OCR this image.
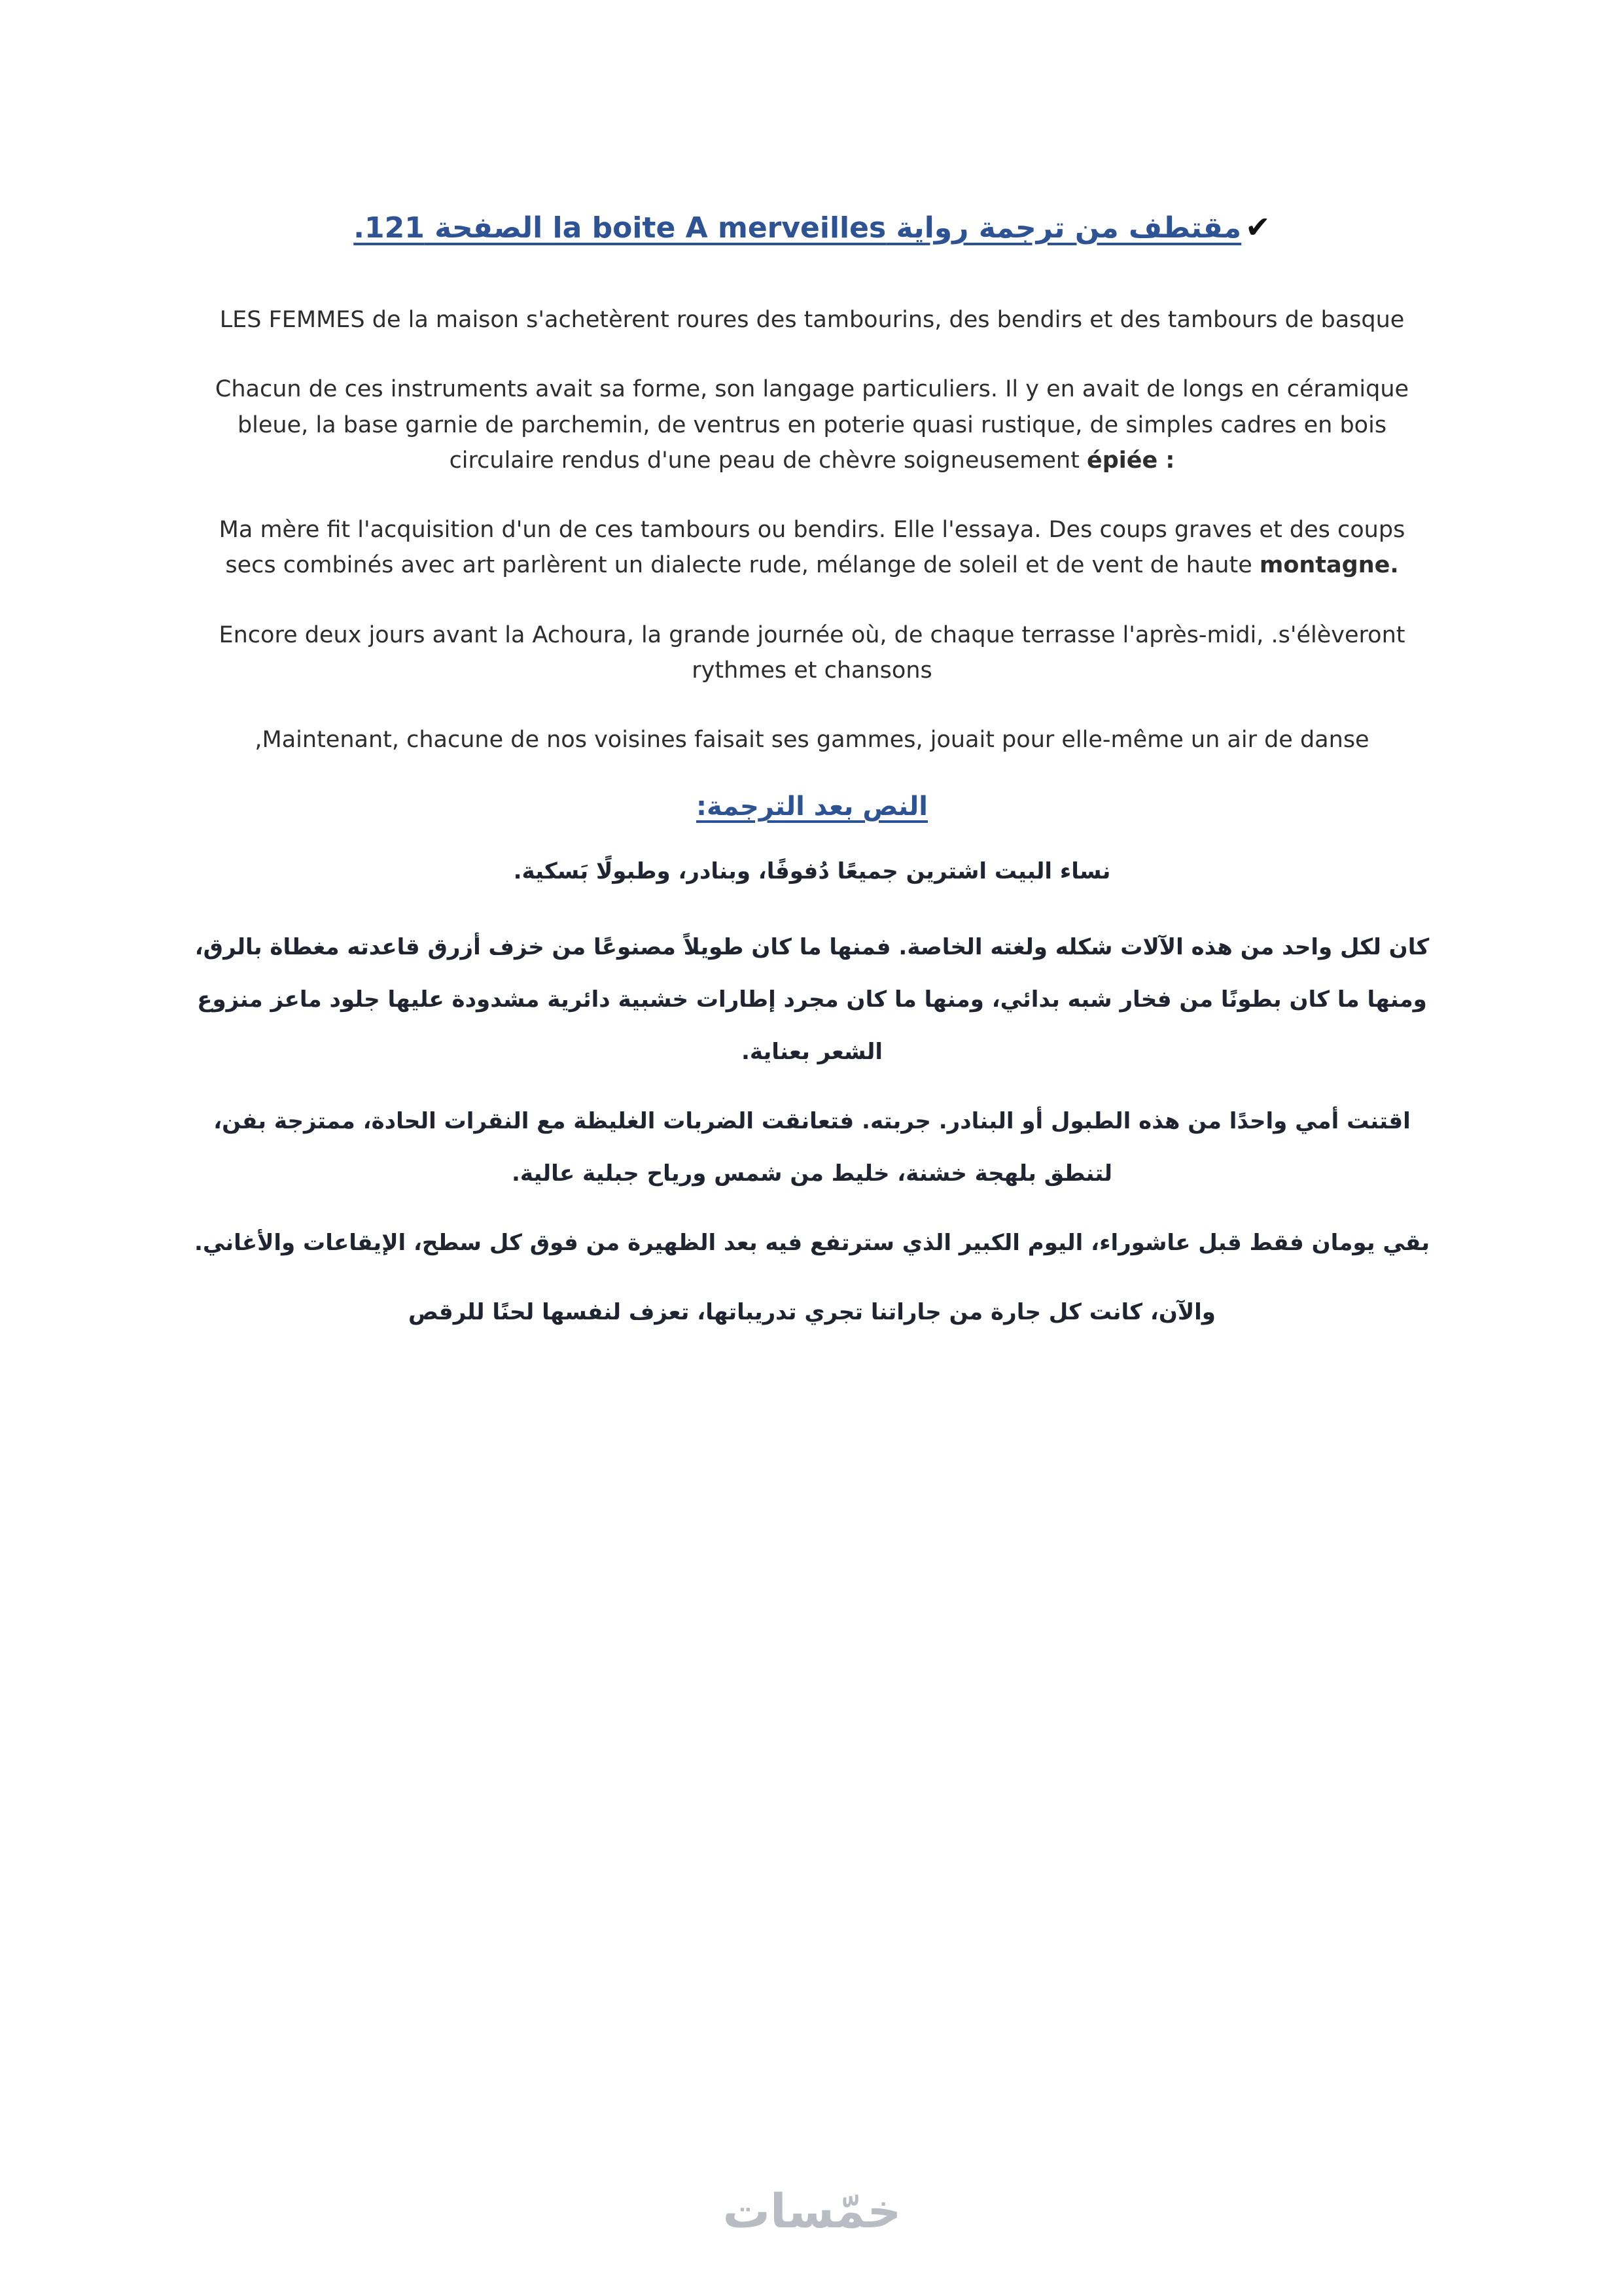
✔مقتطف من ترجمة رواية la boite A merveilles الصفحة 121.

LES FEMMES de la maison s'achetèrent roures des tambourins, des bendirs et des tambours de basque

Chacun de ces instruments avait sa forme, son langage particuliers. Il y en avait de longs en céramique bleue, la base garnie de parchemin, de ventrus en poterie quasi rustique, de simples cadres en bois circulaire rendus d'une peau de chèvre soigneusement épiée :

Ma mère fit l'acquisition d'un de ces tambours ou bendirs. Elle l'essaya. Des coups graves et des coups secs combinés avec art parlèrent un dialecte rude, mélange de soleil et de vent de haute montagne.

Encore deux jours avant la Achoura, la grande journée où, de chaque terrasse l'après-midi, .s'élèveront rythmes et chansons

,Maintenant, chacune de nos voisines faisait ses gammes, jouait pour elle-même un air de danse

النص بعد الترجمة:

نساء البيت اشترين جميعًا دُفوفًا، وبنادر، وطبولًا بَسكية.

كان لكل واحد من هذه الآلات شكله ولغته الخاصة. فمنها ما كان طويلاً مصنوعًا من خزف أزرق قاعدته مغطاة بالرق، ومنها ما كان بطونًا من فخار شبه بدائي، ومنها ما كان مجرد إطارات خشبية دائرية مشدودة عليها جلود ماعز منزوع الشعر بعناية.

اقتنت أمي واحدًا من هذه الطبول أو البنادر. جربته. فتعانقت الضربات الغليظة مع النقرات الحادة، ممتزجة بفن، لتنطق بلهجة خشنة، خليط من شمس ورياح جبلية عالية.

بقي يومان فقط قبل عاشوراء، اليوم الكبير الذي سترتفع فيه بعد الظهيرة من فوق كل سطح، الإيقاعات والأغاني.

والآن، كانت كل جارة من جاراتنا تجري تدريباتها، تعزف لنفسها لحنًا للرقص

خمّسات
